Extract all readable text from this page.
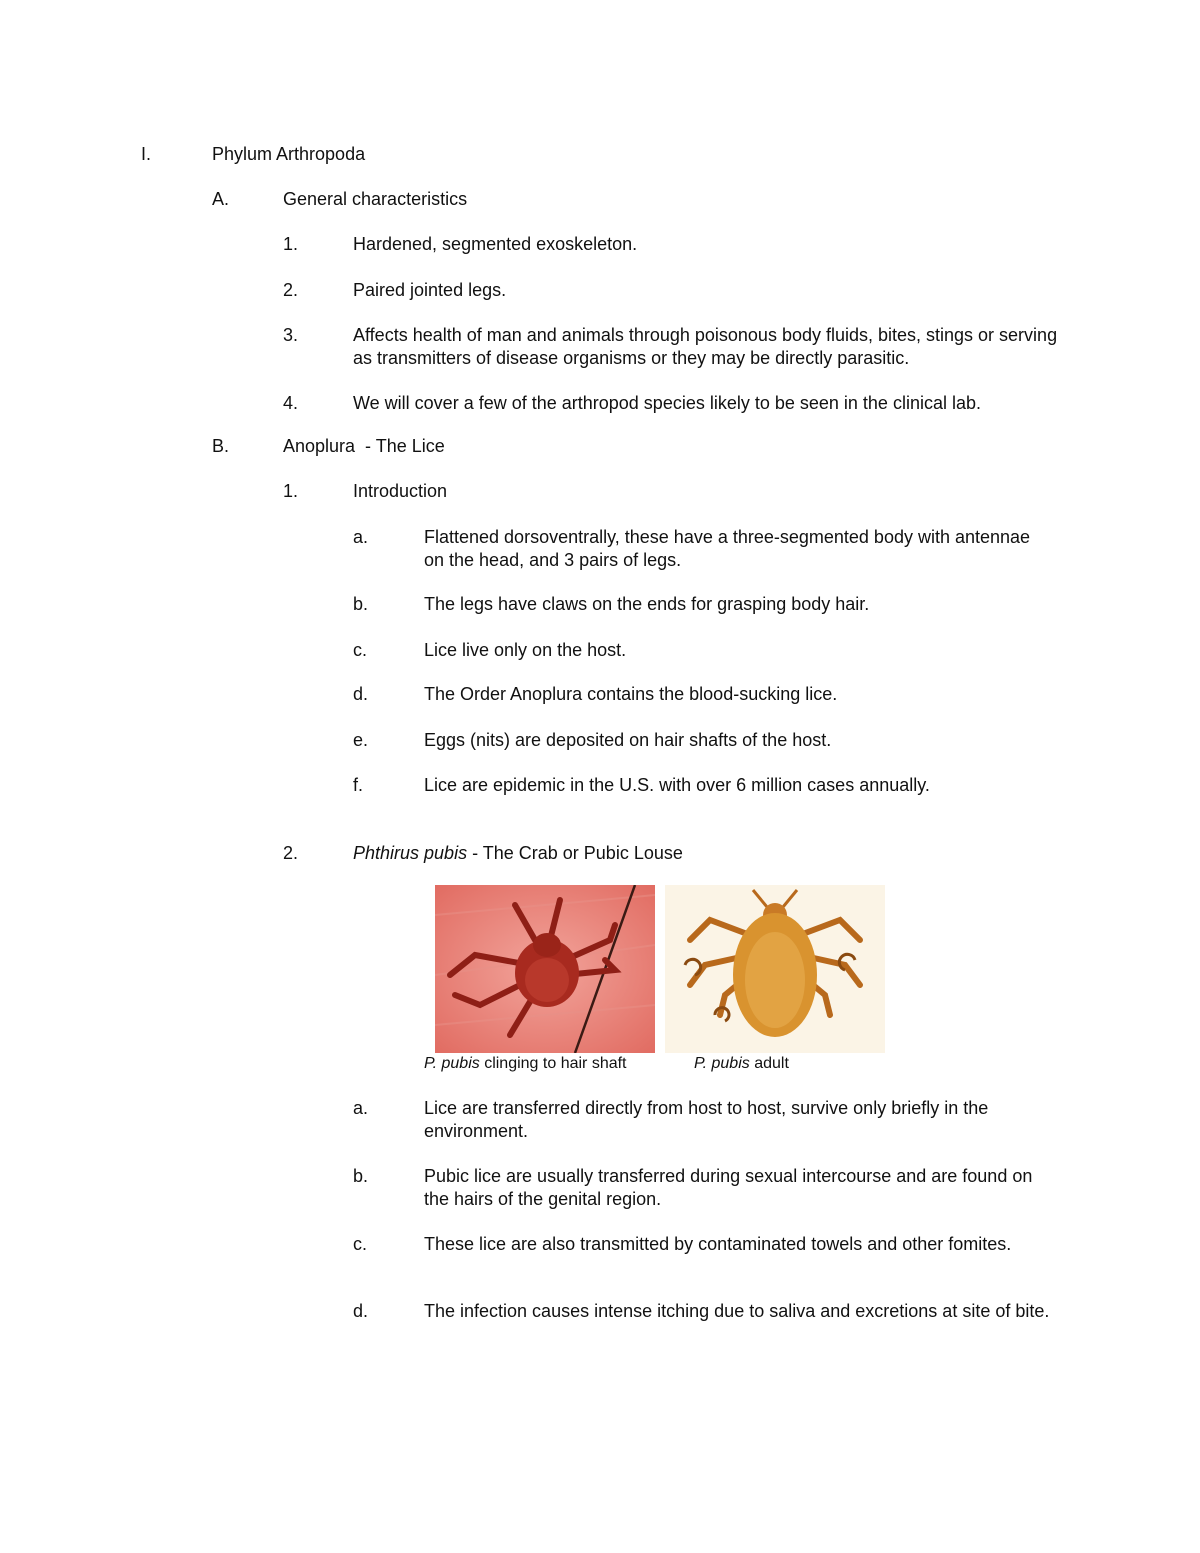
I.	Phylum Arthropoda
A.	General characteristics
1.	Hardened, segmented exoskeleton.
2.	Paired jointed legs.
3.	Affects health of man and animals through poisonous body fluids, bites, stings or serving as transmitters of disease organisms or they may be directly parasitic.
4.	We will cover a few of the arthropod species likely to be seen in the clinical lab.
B.	Anoplura  - The Lice
1.	Introduction
a.	Flattened dorsoventrally, these have a three-segmented body with antennae on the head, and 3 pairs of legs.
b.	The legs have claws on the ends for grasping body hair.
c.	Lice live only on the host.
d.	The Order Anoplura contains the blood-sucking lice.
e.	Eggs (nits) are deposited on hair shafts of the host.
f.	Lice are epidemic in the U.S. with over 6 million cases annually.
2.	Phthirus pubis - The Crab or Pubic Louse
P. pubis clinging to hair shaft	P. pubis adult
a.	Lice are transferred directly from host to host, survive only briefly in the environment.
b.	Pubic lice are usually transferred during sexual intercourse and are found on the hairs of the genital region.
c.	These lice are also transmitted by contaminated towels and other fomites.
d.	The infection causes intense itching due to saliva and excretions at site of bite.
